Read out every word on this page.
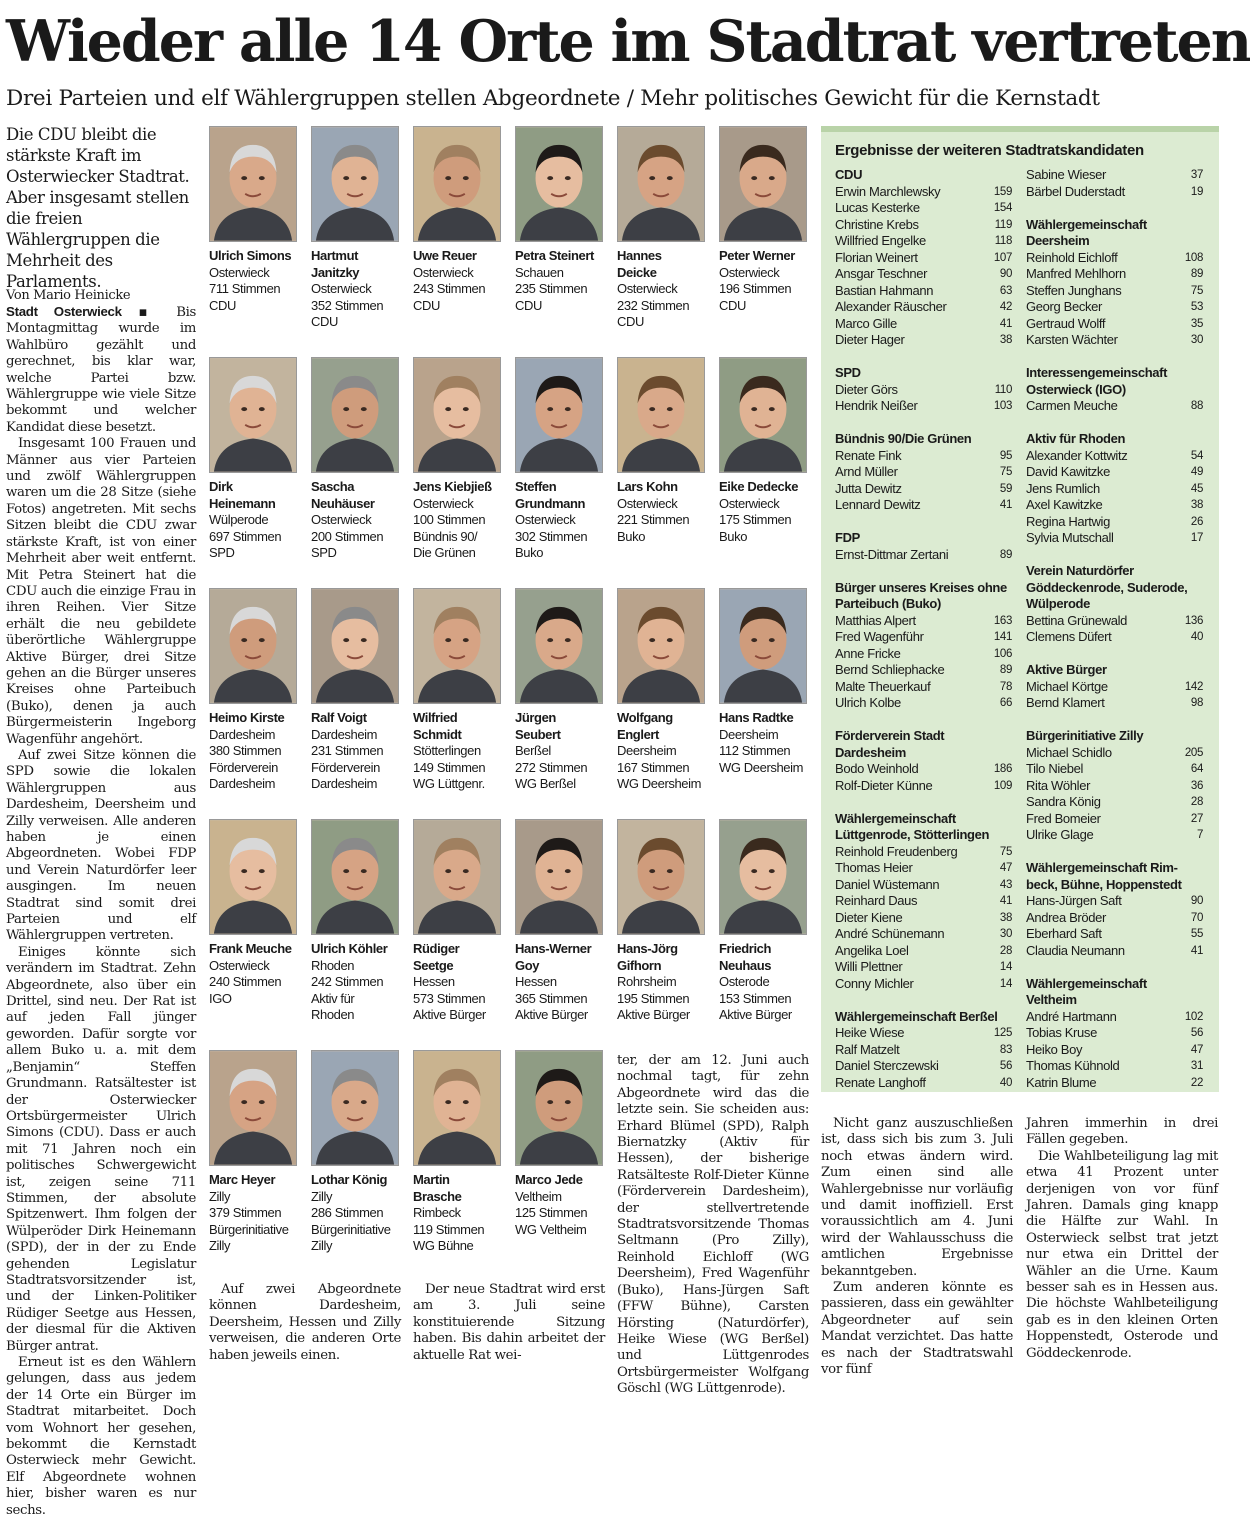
Wieder alle 14 Orte im Stadtrat vertreten
Drei Parteien und elf Wählergruppen stellen Abgeordnete / Mehr politisches Gewicht für die Kernstadt
Die CDU bleibt die stärkste Kraft im Osterwiecker Stadtrat. Aber insgesamt stellen die freien Wählergruppen die Mehrheit des Parlaments.
Von Mario Heinicke

Stadt Osterwieck ▪ Bis Montagmittag wurde im Wahlbüro gezählt und gerechnet, bis klar war, welche Partei bzw. Wählergruppe wie viele Sitze bekommt und welcher Kandidat diese besetzt.

Insgesamt 100 Frauen und Männer aus vier Parteien und zwölf Wählergruppen waren um die 28 Sitze (siehe Fotos) angetreten. Mit sechs Sitzen bleibt die CDU zwar stärkste Kraft, ist von einer Mehrheit aber weit entfernt. Mit Petra Steinert hat die CDU auch die einzige Frau in ihren Reihen. Vier Sitze erhält die neu gebildete überörtliche Wählergruppe Aktive Bürger, drei Sitze gehen an die Bürger unseres Kreises ohne Parteibuch (Buko), denen ja auch Bürgermeisterin Ingeborg Wagenführ angehört.

Auf zwei Sitze können die SPD sowie die lokalen Wählergruppen aus Dardesheim, Deersheim und Zilly verweisen. Alle anderen haben je einen Abgeordneten. Wobei FDP und Verein Naturdörfer leer ausgingen. Im neuen Stadtrat sind somit drei Parteien und elf Wählergruppen vertreten.

Einiges könnte sich verändern im Stadtrat. Zehn Abgeordnete, also über ein Drittel, sind neu. Der Rat ist auf jeden Fall jünger geworden. Dafür sorgte vor allem Buko u. a. mit dem „Benjamin“ Steffen Grundmann. Ratsältester ist der Osterwiecker Ortsbürgermeister Ulrich Simons (CDU). Dass er auch mit 71 Jahren noch ein politisches Schwergewicht ist, zeigen seine 711 Stimmen, der absolute Spitzenwert. Ihm folgen der Wülperöder Dirk Heinemann (SPD), der in der zu Ende gehenden Legislatur Stadtratsvorsitzender ist, und der Linken-Politiker Rüdiger Seetge aus Hessen, der diesmal für die Aktiven Bürger antrat.

Erneut ist es den Wählern gelungen, dass aus jedem der 14 Orte ein Bürger im Stadtrat mitarbeitet. Doch vom Wohnort her gesehen, bekommt die Kernstadt Osterwieck mehr Gewicht. Elf Abgeordnete wohnen hier, bisher waren es nur sechs.

Ulrich Simons
Osterwieck
711 Stimmen
CDU
Hartmut
Janitzky
Osterwieck
352 Stimmen
CDU
Uwe Reuer
Osterwieck
243 Stimmen
CDU
Petra Steinert
Schauen
235 Stimmen
CDU
Hannes
Deicke
Osterwieck
232 Stimmen
CDU
Peter Werner
Osterwieck
196 Stimmen
CDU
Dirk
Heinemann
Wülperode
697 Stimmen
SPD
Sascha
Neuhäuser
Osterwieck
200 Stimmen
SPD
Jens Kiebjieß
Osterwieck
100 Stimmen
Bündnis 90/
Die Grünen
Steffen
Grundmann
Osterwieck
302 Stimmen
Buko
Lars Kohn
Osterwieck
221 Stimmen
Buko
Eike Dedecke
Osterwieck
175 Stimmen
Buko
Heimo Kirste
Dardesheim
380 Stimmen
Förderverein
Dardesheim
Ralf Voigt
Dardesheim
231 Stimmen
Förderverein
Dardesheim
Wilfried
Schmidt
Stötterlingen
149 Stimmen
WG Lüttgenr.
Jürgen
Seubert
Berßel
272 Stimmen
WG Berßel
Wolfgang
Englert
Deersheim
167 Stimmen
WG Deersheim
Hans Radtke
Deersheim
112 Stimmen
WG Deersheim
Frank Meuche
Osterwieck
240 Stimmen
IGO
Ulrich Köhler
Rhoden
242 Stimmen
Aktiv für
Rhoden
Rüdiger
Seetge
Hessen
573 Stimmen
Aktive Bürger
Hans-Werner
Goy
Hessen
365 Stimmen
Aktive Bürger
Hans-Jörg
Gifhorn
Rohrsheim
195 Stimmen
Aktive Bürger
Friedrich
Neuhaus
Osterode
153 Stimmen
Aktive Bürger
Marc Heyer
Zilly
379 Stimmen
Bürgerinitiative
Zilly
Lothar König
Zilly
286 Stimmen
Bürgerinitiative
Zilly
Martin
Brasche
Rimbeck
119 Stimmen
WG Bühne
Marco Jede
Veltheim
125 Stimmen
WG Veltheim

Auf zwei Abgeordnete können Dardesheim, Deersheim, Hessen und Zilly verweisen, die anderen Orte haben jeweils einen.

Der neue Stadtrat wird erst am 3. Juli seine konstituierende Sitzung haben. Bis dahin arbeitet der aktuelle Rat wei-

ter, der am 12. Juni auch nochmal tagt, für zehn Abgeordnete wird das die letzte sein. Sie scheiden aus: Erhard Blümel (SPD), Ralph Biernatzky (Aktiv für Hessen), der bisherige Ratsälteste Rolf-Dieter Künne (Förderverein Dardesheim), der stellvertretende Stadtratsvorsitzende Thomas Seltmann (Pro Zilly), Reinhold Eichloff (WG Deersheim), Fred Wagenführ (Buko), Hans-Jürgen Saft (FFW Bühne), Carsten Hörsting (Naturdörfer), Heike Wiese (WG Berßel) und Lüttgenrodes Ortsbürgermeister Wolfgang Göschl (WG Lüttgenrode).

Ergebnisse der weiteren Stadtratskandidaten
CDU
Erwin Marchlewsky	159
Lucas Kesterke	154
Christine Krebs	119
Willfried Engelke	118
Florian Weinert	107
Ansgar Teschner	90
Bastian Hahmann	63
Alexander Räuscher	42
Marco Gille	41
Dieter Hager	38
SPD
Dieter Görs	110
Hendrik Neißer	103
Bündnis 90/Die Grünen
Renate Fink	95
Arnd Müller	75
Jutta Dewitz	59
Lennard Dewitz	41
FDP
Ernst-Dittmar Zertani	89
Bürger unseres Kreises ohne
Parteibuch (Buko)
Matthias Alpert	163
Fred Wagenführ	141
Anne Fricke	106
Bernd Schliephacke	89
Malte Theuerkauf	78
Ulrich Kolbe	66
Förderverein Stadt
Dardesheim
Bodo Weinhold	186
Rolf-Dieter Künne	109
Wählergemeinschaft
Lüttgenrode, Stötterlingen
Reinhold Freudenberg	75
Thomas Heier	47
Daniel Wüstemann	43
Reinhard Daus	41
Dieter Kiene	38
André Schünemann	30
Angelika Loel	28
Willi Plettner	14
Conny Michler	14
Wählergemeinschaft Berßel
Heike Wiese	125
Ralf Matzelt	83
Daniel Sterczewski	56
Renate Langhoff	40
Sabine Wieser	37
Bärbel Duderstadt	19
Wählergemeinschaft
Deersheim
Reinhold Eichloff	108
Manfred Mehlhorn	89
Steffen Junghans	75
Georg Becker	53
Gertraud Wolff	35
Karsten Wächter	30
Interessengemeinschaft
Osterwieck (IGO)
Carmen Meuche	88
Aktiv für Rhoden
Alexander Kottwitz	54
David Kawitzke	49
Jens Rumlich	45
Axel Kawitzke	38
Regina Hartwig	26
Sylvia Mutschall	17
Verein Naturdörfer
Göddeckenrode, Suderode,
Wülperode
Bettina Grünewald	136
Clemens Düfert	40
Aktive Bürger
Michael Körtge	142
Bernd Klamert	98
Bürgerinitiative Zilly
Michael Schidlo	205
Tilo Niebel	64
Rita Wöhler	36
Sandra König	28
Fred Bomeier	27
Ulrike Glage	7
Wählergemeinschaft Rim-
beck, Bühne, Hoppenstedt
Hans-Jürgen Saft	90
Andrea Bröder	70
Eberhard Saft	55
Claudia Neumann	41
Wählergemeinschaft
Veltheim
André Hartmann	102
Tobias Kruse	56
Heiko Boy	47
Thomas Kühnold	31
Katrin Blume	22

Nicht ganz auszuschließen ist, dass sich bis zum 3. Juli noch etwas ändern wird. Zum einen sind alle Wahlergebnisse nur vorläufig und damit inoffiziell. Erst voraussichtlich am 4. Juni wird der Wahlausschuss die amtlichen Ergebnisse bekanntgeben.

Zum anderen könnte es passieren, dass ein gewählter Abgeordneter auf sein Mandat verzichtet. Das hatte es nach der Stadtratswahl vor fünf

Jahren immerhin in drei Fällen gegeben.

Die Wahlbeteiligung lag mit etwa 41 Prozent unter derjenigen von vor fünf Jahren. Damals ging knapp die Hälfte zur Wahl. In Osterwieck selbst trat jetzt nur etwa ein Drittel der Wähler an die Urne. Kaum besser sah es in Hessen aus. Die höchste Wahlbeteiligung gab es in den kleinen Orten Hoppenstedt, Osterode und Göddeckenrode.
